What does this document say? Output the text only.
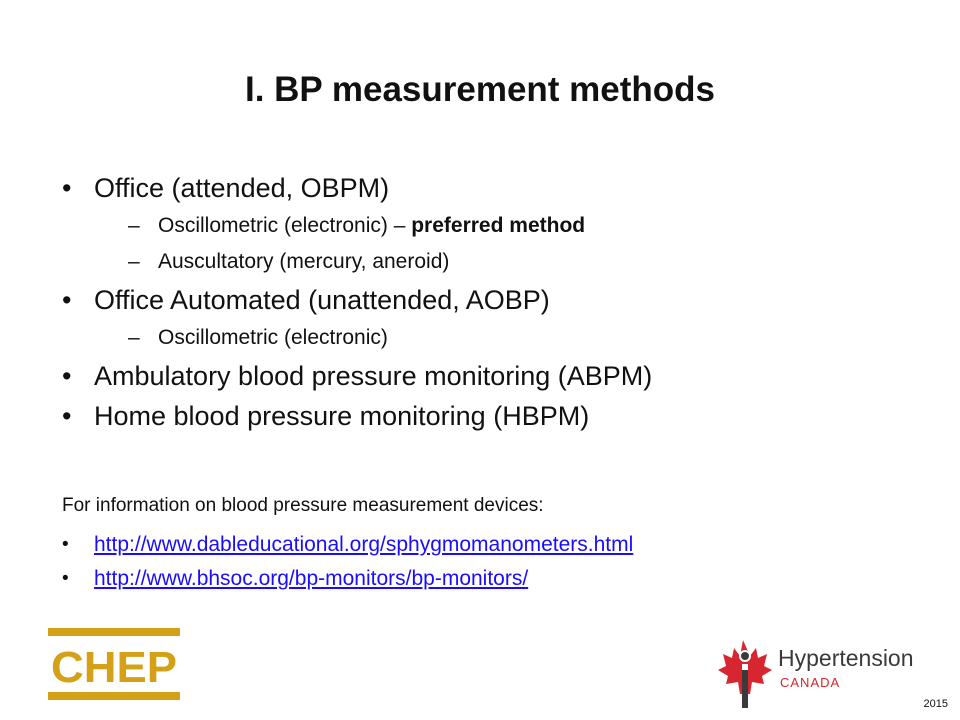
I. BP measurement methods
• Office (attended, OBPM)
– Oscillometric (electronic) – preferred method
– Auscultatory (mercury, aneroid)
• Office Automated (unattended, AOBP)
– Oscillometric (electronic)
• Ambulatory blood pressure monitoring (ABPM)
• Home blood pressure monitoring (HBPM)
For information on blood pressure measurement devices:
• http://www.dableducational.org/sphygmomanometers.html
• http://www.bhsoc.org/bp-monitors/bp-monitors/
CHEP	Hypertension
CANADA
2015
